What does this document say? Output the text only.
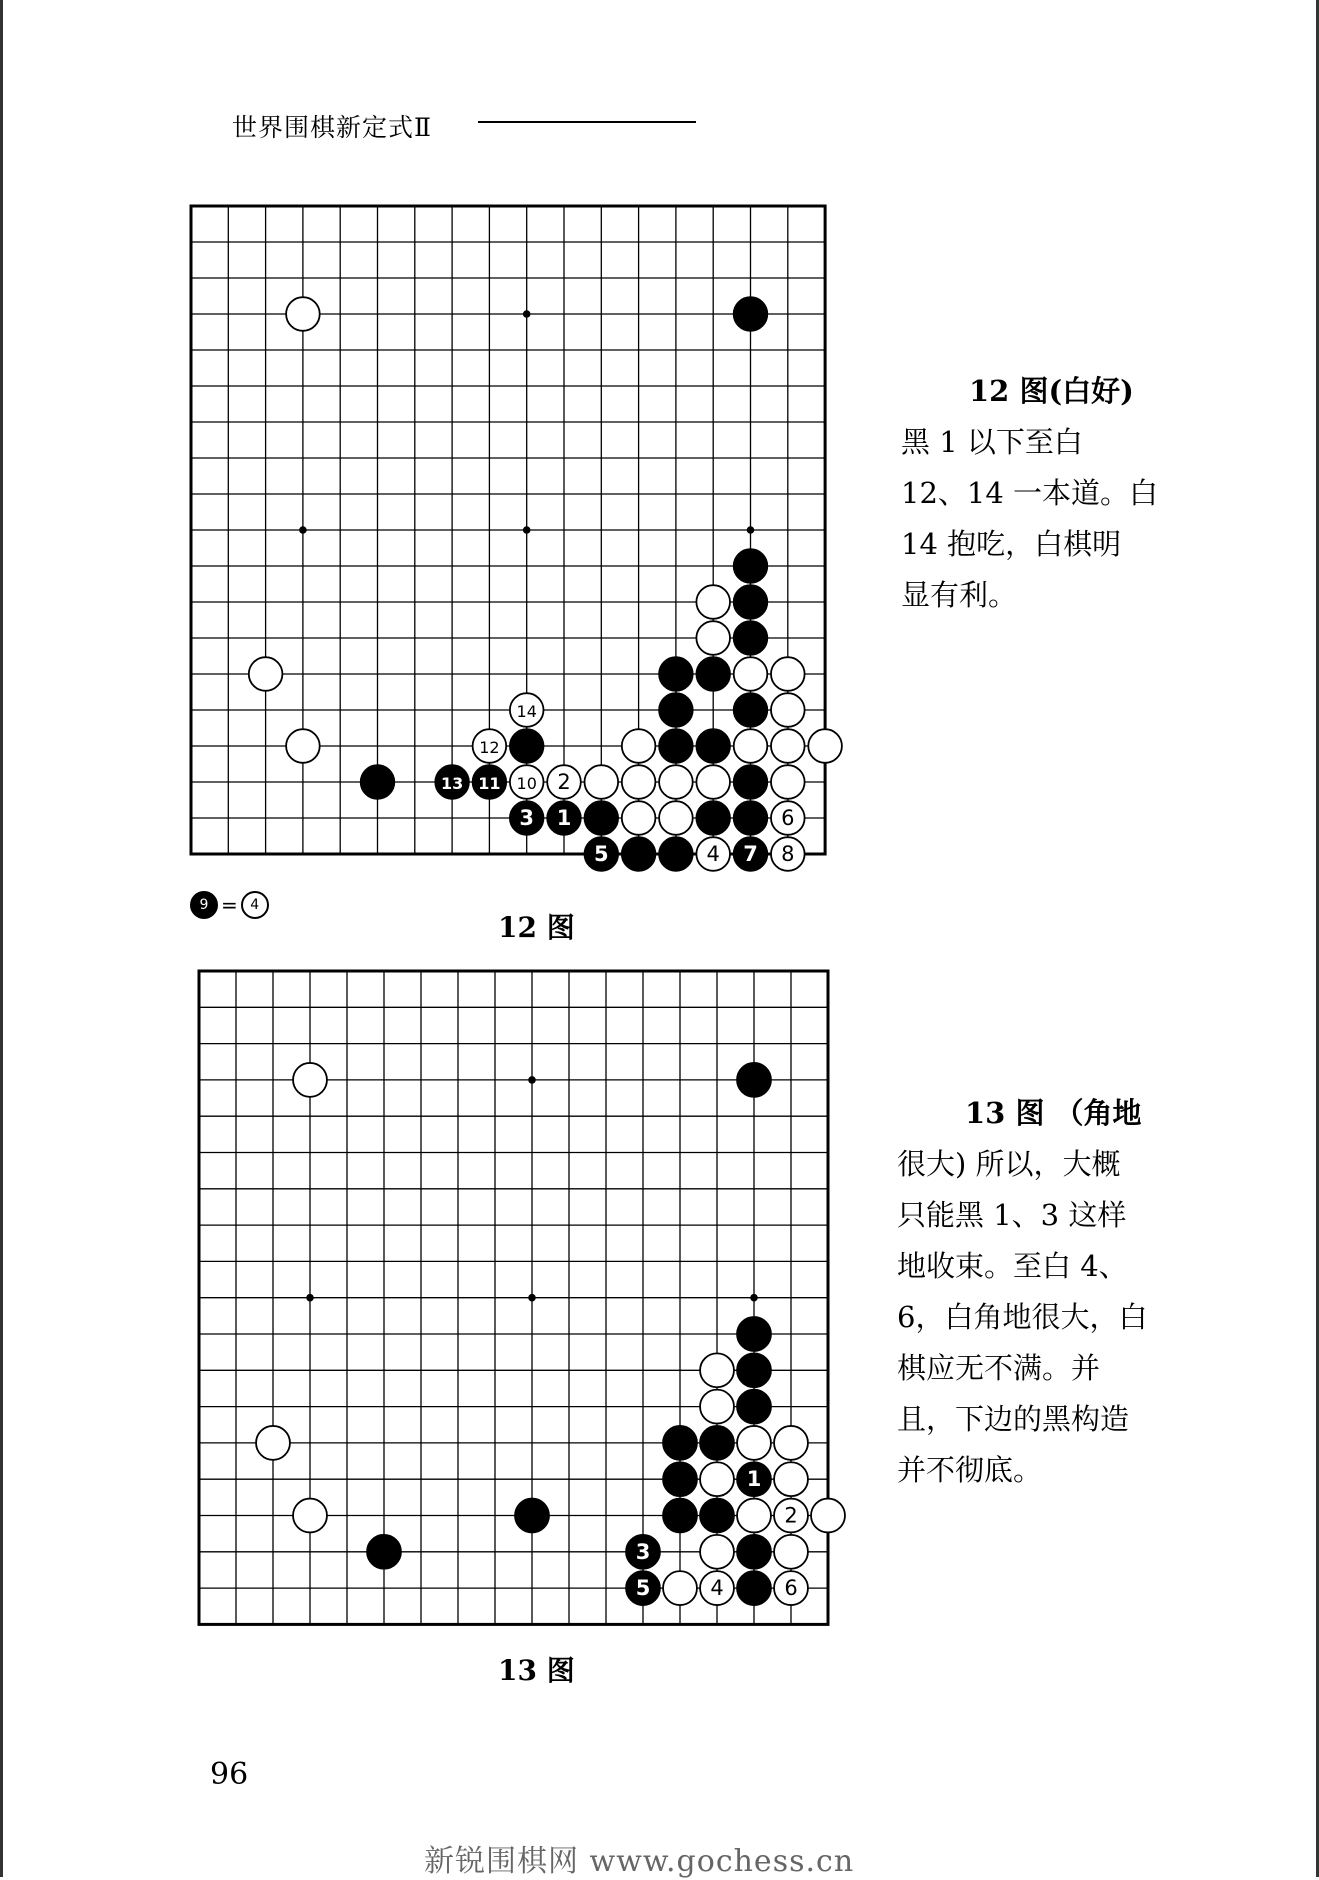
世界围棋新定式Ⅱ
14
12
13 11 10 2
3 1	6
5	4 7 8
12 图(白好)
黑 1 以下至白
12、14 一本道。白
14 抱吃，白棋明
显有利。
9 = 4
12 图
1
2
3
4
5	6
13 图 （角地
很大) 所以，大概
只能黑 1、3 这样
地收束。至白 4、
6，白角地很大，白
棋应无不满。并
且，下边的黑构造
并不彻底。
13 图
96
新锐围棋网 www.gochess.cn
